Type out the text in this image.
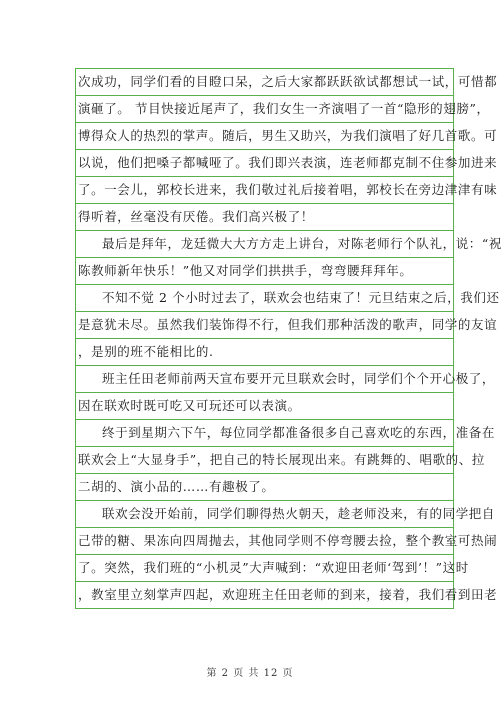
次成功，同学们看的目瞪口呆，之后大家都跃跃欲试都想试一试，可惜都
演砸了。 节目快接近尾声了，我们女生一齐演唱了一首“隐形的翅膀”，
博得众人的热烈的掌声。随后，男生又助兴，为我们演唱了好几首歌。可
以说，他们把嗓子都喊哑了。我们即兴表演，连老师都克制不住参加进来
了。一会儿，郭校长进来，我们敬过礼后接着唱，郭校长在旁边津津有味
得听着，丝毫没有厌倦。我们高兴极了！
最后是拜年，龙廷微大大方方走上讲台，对陈老师行个队礼，说：“祝
陈教师新年快乐！”他又对同学们拱拱手，弯弯腰拜拜年。
不知不觉 2 个小时过去了，联欢会也结束了！元旦结束之后，我们还
是意犹未尽。虽然我们装饰得不行，但我们那种活泼的歌声，同学的友谊
，是别的班不能相比的.
班主任田老师前两天宣布要开元旦联欢会时，同学们个个开心极了，
因在联欢时既可吃又可玩还可以表演。
终于到星期六下午，每位同学都准备很多自己喜欢吃的东西，准备在
联欢会上“大显身手”，把自己的特长展现出来。有跳舞的、唱歌的、拉
二胡的、演小品的……有趣极了。
联欢会没开始前，同学们聊得热火朝天，趁老师没来，有的同学把自
己带的糖、果冻向四周抛去，其他同学则不停弯腰去捡，整个教室可热闹
了。突然，我们班的“小机灵”大声喊到：“欢迎田老师‘驾到’！”这时
，教室里立刻掌声四起，欢迎班主任田老师的到来，接着，我们看到田老
第 2 页 共 12 页
